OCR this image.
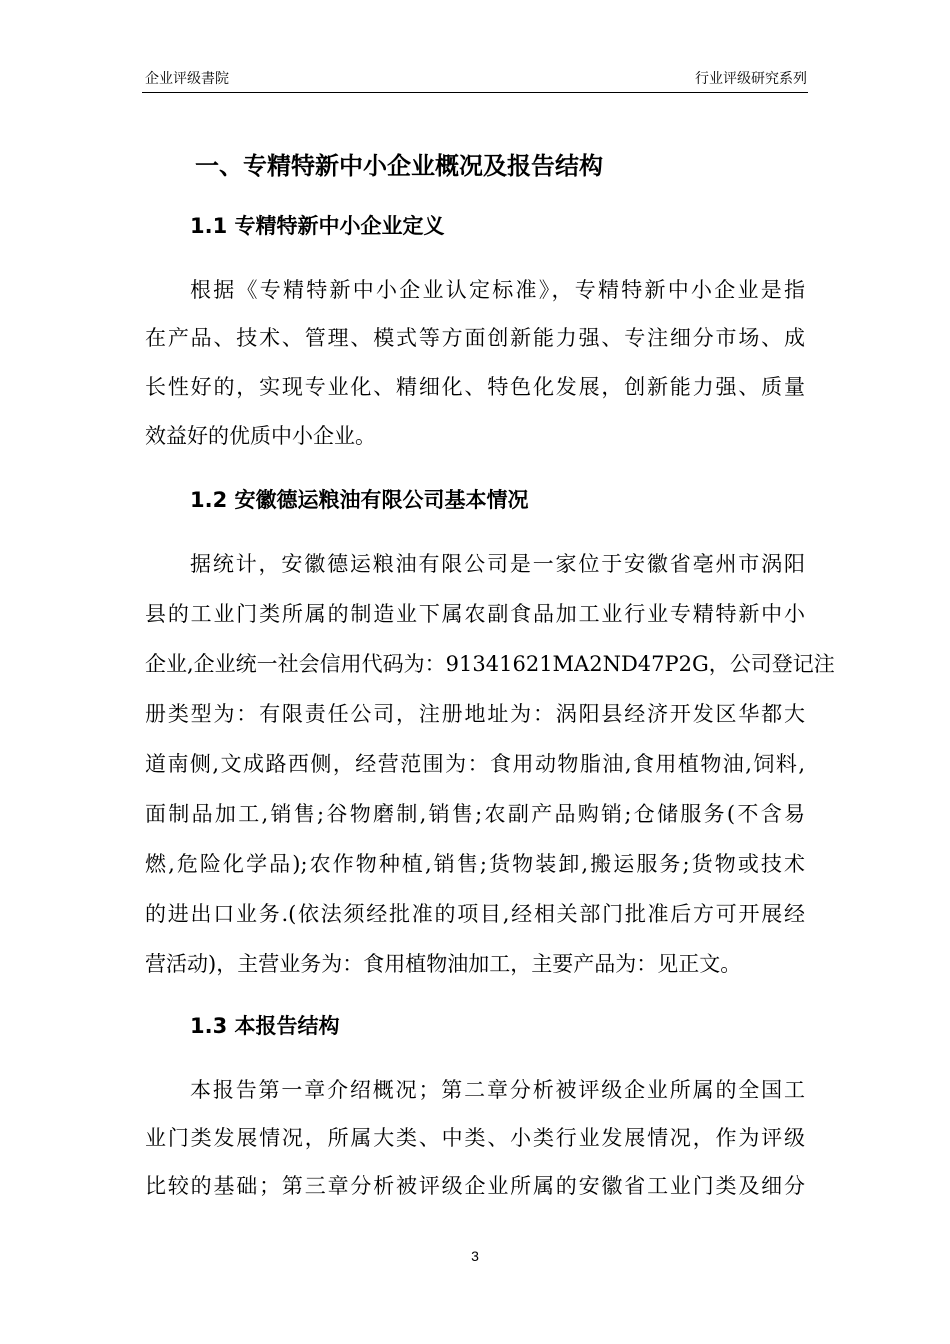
企业评级書院	行业评级研究系列
一、专精特新中小企业概况及报告结构
1.1 专精特新中小企业定义
根据《专精特新中小企业认定标准》，专精特新中小企业是指
在产品、技术、管理、模式等方面创新能力强、专注细分市场、成
长性好的，实现专业化、精细化、特色化发展，创新能力强、质量
效益好的优质中小企业。
1.2 安徽德运粮油有限公司基本情况
据统计，安徽德运粮油有限公司是一家位于安徽省亳州市涡阳
县的工业门类所属的制造业下属农副食品加工业行业专精特新中小
企业,企业统一社会信用代码为：91341621MA2ND47P2G，公司登记注
册类型为：有限责任公司，注册地址为：涡阳县经济开发区华都大
道南侧,文成路西侧，经营范围为：食用动物脂油,食用植物油,饲料,
面制品加工,销售;谷物磨制,销售;农副产品购销;仓储服务(不含易
燃,危险化学品);农作物种植,销售;货物装卸,搬运服务;货物或技术
的进出口业务.(依法须经批准的项目,经相关部门批准后方可开展经
营活动)，主营业务为：食用植物油加工，主要产品为：见正文。
1.3 本报告结构
本报告第一章介绍概况；第二章分析被评级企业所属的全国工
业门类发展情况，所属大类、中类、小类行业发展情况，作为评级
比较的基础；第三章分析被评级企业所属的安徽省工业门类及细分
3
